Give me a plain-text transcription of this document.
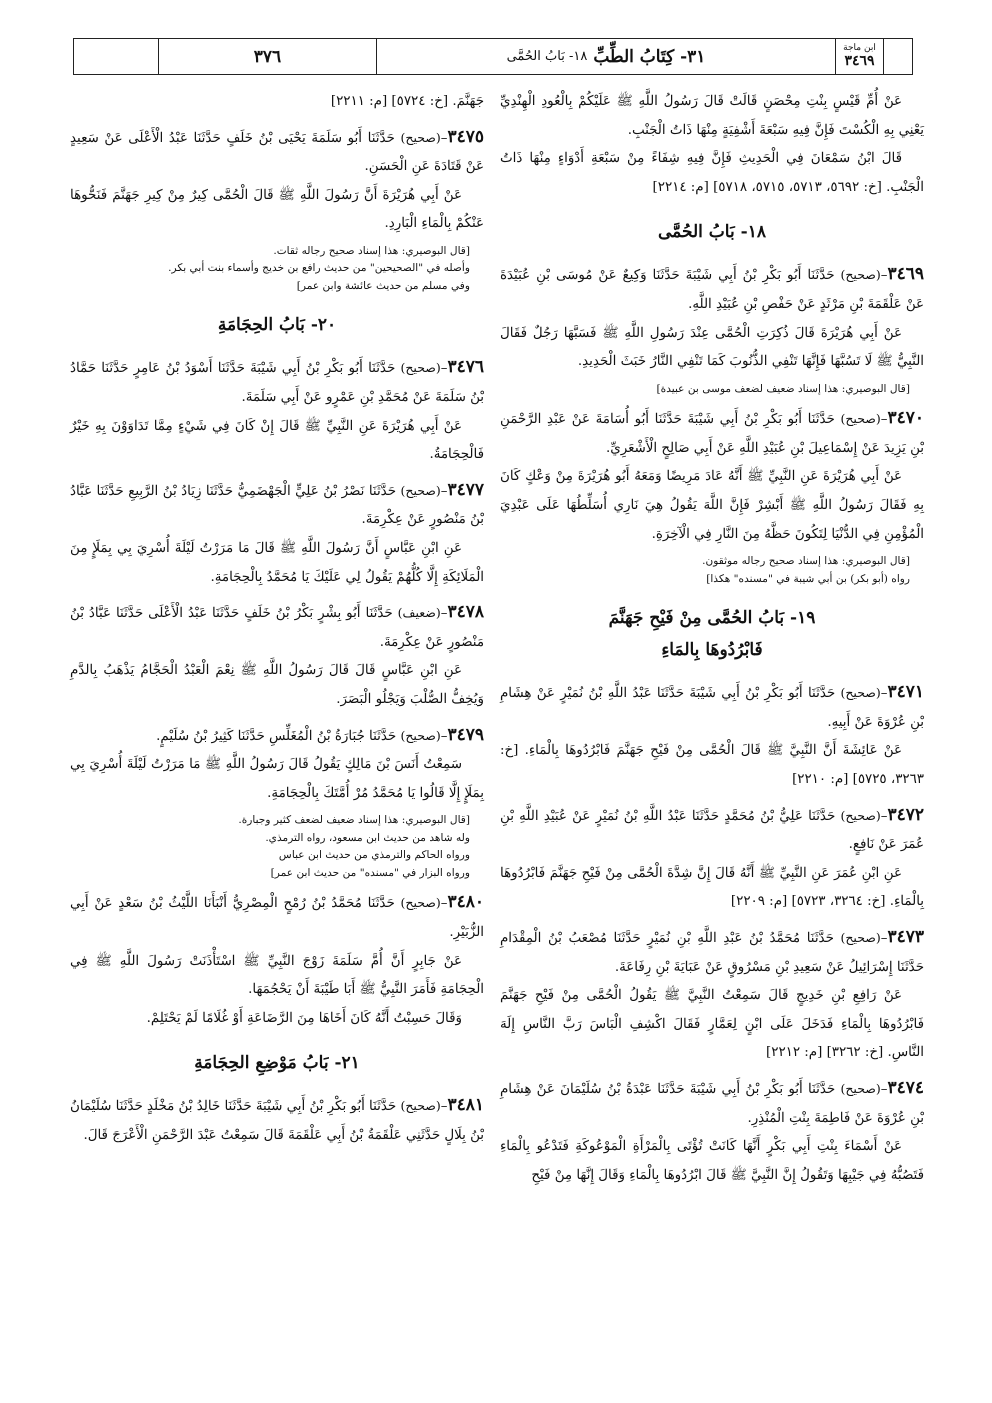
٣٧٦	٣١- كِتَابُ الطِّبِّ
١٨- بَابُ الحُمَّى
ابن ماجة
٣٤٦٩

عَنْ أُمِّ قَيْسٍ بِنْتِ مِحْصَنٍ قَالَتْ قَالَ رَسُولُ اللَّهِ ﷺ عَلَيْكُمْ بِالْعُودِ الْهِنْدِيِّ يَعْنِي بِهِ الْكُسْتَ فَإِنَّ فِيهِ سَبْعَةَ أَشْفِيَةٍ مِنْهَا ذَاتُ الْجَنْبِ.

قَالَ ابْنُ سَمْعَانَ فِي الْحَدِيثِ فَإِنَّ فِيهِ شِفَاءً مِنْ سَبْعَةِ أَدْوَاءٍ مِنْهَا ذَاتُ الْجَنْبِ. [خ: ٥٦٩٢، ٥٧١٣، ٥٧١٥، ٥٧١٨] [م: ٢٢١٤]

١٨- بَابُ الحُمَّى

٣٤٦٩–(صحيح) حَدَّثَنَا أَبُو بَكْرِ بْنُ أَبِي شَيْبَةَ حَدَّثَنَا وَكِيعٌ عَنْ مُوسَى بْنِ عُبَيْدَةَ عَنْ عَلْقَمَةَ بْنِ مَرْثَدٍ عَنْ حَفْصِ بْنِ عُبَيْدِ اللَّهِ.

عَنْ أَبِي هُرَيْرَةَ قَالَ ذُكِرَتِ الْحُمَّى عِنْدَ رَسُولِ اللَّهِ ﷺ فَسَبَّهَا رَجُلٌ فَقَالَ النَّبِيُّ ﷺ لَا تَسُبَّهَا فَإِنَّهَا تَنْفِي الذُّنُوبَ كَمَا تَنْفِي النَّارُ خَبَثَ الْحَدِيدِ.

[قال البوصيري: هذا إسناد ضعيف لضعف موسى بن عبيدة]

٣٤٧٠–(صحيح) حَدَّثَنَا أَبُو بَكْرِ بْنُ أَبِي شَيْبَةَ حَدَّثَنَا أَبُو أُسَامَةَ عَنْ عَبْدِ الرَّحْمَنِ بْنِ يَزِيدَ عَنْ إِسْمَاعِيلَ بْنِ عُبَيْدِ اللَّهِ عَنْ أَبِي صَالِحٍ الْأَشْعَرِيِّ.

عَنْ أَبِي هُرَيْرَةَ عَنِ النَّبِيِّ ﷺ أَنَّهُ عَادَ مَرِيضًا وَمَعَهُ أَبُو هُرَيْرَةَ مِنْ وَعْكٍ كَانَ بِهِ فَقَالَ رَسُولُ اللَّهِ ﷺ أَبْشِرْ فَإِنَّ اللَّهَ يَقُولُ هِيَ نَارِي أُسَلِّطُهَا عَلَى عَبْدِيَ الْمُؤْمِنِ فِي الدُّنْيَا لِتَكُونَ حَظَّهُ مِنَ النَّارِ فِي الْآخِرَةِ.

[قال البوصيري: هذا إسناد صحيح رجاله موثقون.
رواه (أبو بكر) بن أبي شيبة في "مسنده" هكذا]
١٩- بَابُ الحُمَّى مِنْ فَيْحِ جَهَنَّمَ
فَابْرُدُوهَا بِالمَاءِ

٣٤٧١–(صحيح) حَدَّثَنَا أَبُو بَكْرِ بْنُ أَبِي شَيْبَةَ حَدَّثَنَا عَبْدُ اللَّهِ بْنُ نُمَيْرٍ عَنْ هِشَامِ بْنِ عُرْوَةَ عَنْ أَبِيهِ.

عَنْ عَائِشَةَ أَنَّ النَّبِيَّ ﷺ قَالَ الْحُمَّى مِنْ فَيْحِ جَهَنَّمَ فَابْرُدُوهَا بِالْمَاءِ. [خ: ٣٢٦٣، ٥٧٢٥] [م: ٢٢١٠]

٣٤٧٢–(صحيح) حَدَّثَنَا عَلِيُّ بْنُ مُحَمَّدٍ حَدَّثَنَا عَبْدُ اللَّهِ بْنُ نُمَيْرٍ عَنْ عُبَيْدِ اللَّهِ بْنِ عُمَرَ عَنْ نَافِعٍ.

عَنِ ابْنِ عُمَرَ عَنِ النَّبِيِّ ﷺ أَنَّهُ قَالَ إِنَّ شِدَّةَ الْحُمَّى مِنْ فَيْحِ جَهَنَّمَ فَابْرُدُوهَا بِالْمَاءِ. [خ: ٣٢٦٤، ٥٧٢٣] [م: ٢٢٠٩]

٣٤٧٣–(صحيح) حَدَّثَنَا مُحَمَّدُ بْنُ عَبْدِ اللَّهِ بْنِ نُمَيْرٍ حَدَّثَنَا مُصْعَبُ بْنُ الْمِقْدَامِ حَدَّثَنَا إِسْرَائِيلُ عَنْ سَعِيدِ بْنِ مَسْرُوقٍ عَنْ عَبَايَةَ بْنِ رِفَاعَةَ.

عَنْ رَافِعِ بْنِ خَدِيجٍ قَالَ سَمِعْتُ النَّبِيَّ ﷺ يَقُولُ الْحُمَّى مِنْ فَيْحِ جَهَنَّمَ فَابْرُدُوهَا بِالْمَاءِ فَدَخَلَ عَلَى ابْنٍ لِعَمَّارٍ فَقَالَ اكْشِفِ الْبَاسَ رَبَّ النَّاسِ إِلَهَ النَّاسِ. [خ: ٣٢٦٢] [م: ٢٢١٢]

٣٤٧٤–(صحيح) حَدَّثَنَا أَبُو بَكْرِ بْنُ أَبِي شَيْبَةَ حَدَّثَنَا عَبْدَةُ بْنُ سُلَيْمَانَ عَنْ هِشَامِ بْنِ عُرْوَةَ عَنْ فَاطِمَةَ بِنْتِ الْمُنْذِرِ.

عَنْ أَسْمَاءَ بِنْتِ أَبِي بَكْرٍ أَنَّهَا كَانَتْ تُؤْتَى بِالْمَرْأَةِ الْمَوْعُوكَةِ فَتَدْعُو بِالْمَاءِ فَتَصُبُّهُ فِي جَيْبِهَا وَتَقُولُ إِنَّ النَّبِيَّ ﷺ قَالَ ابْرُدُوهَا بِالْمَاءِ وَقَالَ إِنَّهَا مِنْ فَيْحِ

جَهَنَّمَ. [خ: ٥٧٢٤] [م: ٢٢١١]

٣٤٧٥–(صحيح) حَدَّثَنَا أَبُو سَلَمَةَ يَحْيَى بْنُ خَلَفٍ حَدَّثَنَا عَبْدُ الْأَعْلَى عَنْ سَعِيدٍ عَنْ قَتَادَةَ عَنِ الْحَسَنِ.

عَنْ أَبِي هُرَيْرَةَ أَنَّ رَسُولَ اللَّهِ ﷺ قَالَ الْحُمَّى كِيرٌ مِنْ كِيرِ جَهَنَّمَ فَنَحُّوهَا عَنْكُمْ بِالْمَاءِ الْبَارِدِ.

[قال البوصيري: هذا إسناد صحيح رجاله ثقات.
وأصله في "الصحيحين" من حديث رافع بن خديج وأسماء بنت أبي بكر.
وفي مسلم من حديث عائشة وابن عمر]
٢٠- بَابُ الحِجَامَةِ

٣٤٧٦–(صحيح) حَدَّثَنَا أَبُو بَكْرِ بْنُ أَبِي شَيْبَةَ حَدَّثَنَا أَسْوَدُ بْنُ عَامِرٍ حَدَّثَنَا حَمَّادُ بْنُ سَلَمَةَ عَنْ مُحَمَّدِ بْنِ عَمْرٍو عَنْ أَبِي سَلَمَةَ.

عَنْ أَبِي هُرَيْرَةَ عَنِ النَّبِيِّ ﷺ قَالَ إِنْ كَانَ فِي شَيْءٍ مِمَّا تَدَاوَوْنَ بِهِ خَيْرٌ فَالْحِجَامَةُ.

٣٤٧٧–(صحيح) حَدَّثَنَا نَصْرُ بْنُ عَلِيٍّ الْجَهْضَمِيُّ حَدَّثَنَا زِيَادُ بْنُ الرَّبِيعِ حَدَّثَنَا عَبَّادُ بْنُ مَنْصُورٍ عَنْ عِكْرِمَةَ.

عَنِ ابْنِ عَبَّاسٍ أَنَّ رَسُولَ اللَّهِ ﷺ قَالَ مَا مَرَرْتُ لَيْلَةَ أُسْرِيَ بِي بِمَلَإٍ مِنَ الْمَلَائِكَةِ إِلَّا كُلُّهُمْ يَقُولُ لِي عَلَيْكَ يَا مُحَمَّدُ بِالْحِجَامَةِ.

٣٤٧٨–(ضعيف) حَدَّثَنَا أَبُو بِشْرٍ بَكْرُ بْنُ خَلَفٍ حَدَّثَنَا عَبْدُ الْأَعْلَى حَدَّثَنَا عَبَّادُ بْنُ مَنْصُورٍ عَنْ عِكْرِمَةَ.

عَنِ ابْنِ عَبَّاسٍ قَالَ قَالَ رَسُولُ اللَّهِ ﷺ نِعْمَ الْعَبْدُ الْحَجَّامُ يَذْهَبُ بِالدَّمِ وَيُخِفُّ الصُّلْبَ وَيَجْلُو الْبَصَرَ.

٣٤٧٩–(صحيح) حَدَّثَنَا جُبَارَةُ بْنُ الْمُغَلِّسِ حَدَّثَنَا كَثِيرُ بْنُ سُلَيْمٍ.

سَمِعْتُ أَنَسَ بْنَ مَالِكٍ يَقُولُ قَالَ رَسُولُ اللَّهِ ﷺ مَا مَرَرْتُ لَيْلَةَ أُسْرِيَ بِي بِمَلَإٍ إِلَّا قَالُوا يَا مُحَمَّدُ مُرْ أُمَّتَكَ بِالْحِجَامَةِ.

[قال البوصيري: هذا إسناد ضعيف لضعف كثير وجبارة.
وله شاهد من حديث ابن مسعود، رواه الترمذي.
ورواه الحاكم والترمذي من حديث ابن عباس
ورواه البزار في "مسنده" من حديث ابن عمر]

٣٤٨٠–(صحيح) حَدَّثَنَا مُحَمَّدُ بْنُ رُمْحٍ الْمِصْرِيُّ أَنْبَأَنَا اللَّيْثُ بْنُ سَعْدٍ عَنْ أَبِي الزُّبَيْرِ.

عَنْ جَابِرٍ أَنَّ أُمَّ سَلَمَةَ زَوْجَ النَّبِيِّ ﷺ اسْتَأْذَنَتْ رَسُولَ اللَّهِ ﷺ فِي الْحِجَامَةِ فَأَمَرَ النَّبِيُّ ﷺ أَبَا طَيْبَةَ أَنْ يَحْجُمَهَا.

وَقَالَ حَسِبْتُ أَنَّهُ كَانَ أَخَاهَا مِنَ الرَّضَاعَةِ أَوْ غُلَامًا لَمْ يَحْتَلِمْ.

٢١- بَابُ مَوْضِعِ الحِجَامَةِ

٣٤٨١–(صحيح) حَدَّثَنَا أَبُو بَكْرِ بْنُ أَبِي شَيْبَةَ حَدَّثَنَا خَالِدُ بْنُ مَخْلَدٍ حَدَّثَنَا سُلَيْمَانُ بْنُ بِلَالٍ حَدَّثَنِي عَلْقَمَةُ بْنُ أَبِي عَلْقَمَةَ قَالَ سَمِعْتُ عَبْدَ الرَّحْمَنِ الْأَعْرَجَ قَالَ.
